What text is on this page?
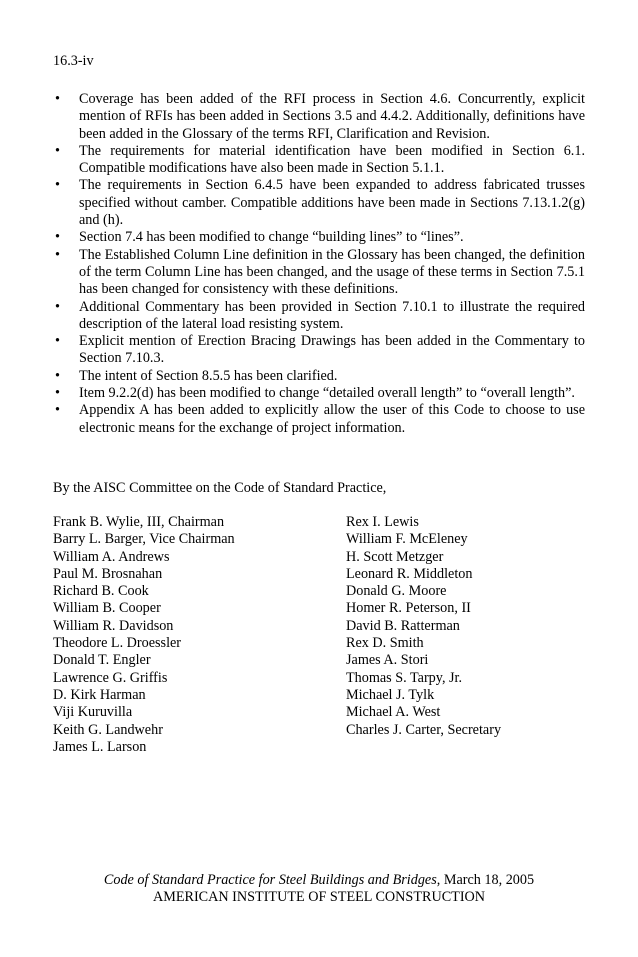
16.3-iv
• Coverage has been added of the RFI process in Section 4.6. Concurrently, explicit mention of RFIs has been added in Sections 3.5 and 4.4.2. Additionally, definitions have been added in the Glossary of the terms RFI, Clarification and Revision.
• The requirements for material identification have been modified in Section 6.1. Compatible modifications have also been made in Section 5.1.1.
• The requirements in Section 6.4.5 have been expanded to address fabricated trusses specified without camber. Compatible additions have been made in Sections 7.13.1.2(g) and (h).
• Section 7.4 has been modified to change “building lines” to “lines”.
• The Established Column Line definition in the Glossary has been changed, the definition of the term Column Line has been changed, and the usage of these terms in Section 7.5.1 has been changed for consistency with these definitions.
• Additional Commentary has been provided in Section 7.10.1 to illustrate the required description of the lateral load resisting system.
• Explicit mention of Erection Bracing Drawings has been added in the Commentary to Section 7.10.3.
• The intent of Section 8.5.5 has been clarified.
• Item 9.2.2(d) has been modified to change “detailed overall length” to “overall length”.
• Appendix A has been added to explicitly allow the user of this Code to choose to use electronic means for the exchange of project information.
By the AISC Committee on the Code of Standard Practice,
Frank B. Wylie, III, Chairman
Barry L. Barger, Vice Chairman
William A. Andrews
Paul M. Brosnahan
Richard B. Cook
William B. Cooper
William R. Davidson
Theodore L. Droessler
Donald T. Engler
Lawrence G. Griffis
D. Kirk Harman
Viji Kuruvilla
Keith G. Landwehr
James L. Larson
Rex I. Lewis
William F. McEleney
H. Scott Metzger
Leonard R. Middleton
Donald G. Moore
Homer R. Peterson, II
David B. Ratterman
Rex D. Smith
James A. Stori
Thomas S. Tarpy, Jr.
Michael J. Tylk
Michael A. West
Charles J. Carter, Secretary
Code of Standard Practice for Steel Buildings and Bridges, March 18, 2005
AMERICAN INSTITUTE OF STEEL CONSTRUCTION
